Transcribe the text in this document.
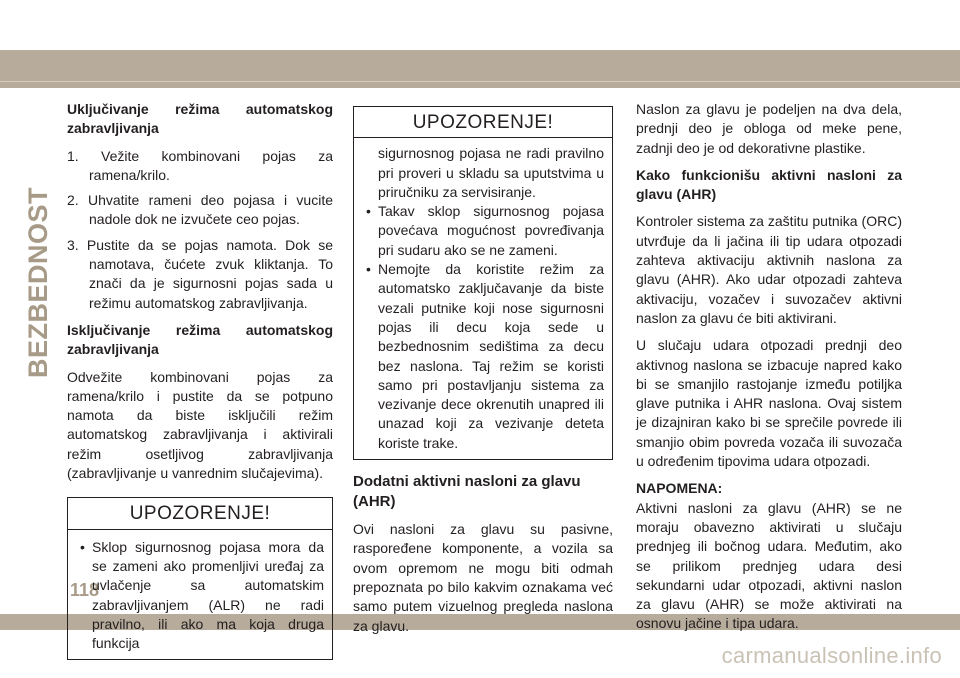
BEZBEDNOST
118
carmanualsonline.info

Uključivanje režima automatskog

zabravljivanja

1. Vežite kombinovani pojas za ramena/krilo.
2. Uhvatite rameni deo pojasa i vucite nadole dok ne izvučete ceo pojas.
3. Pustite da se pojas namota. Dok se namotava, čućete zvuk kliktanja. To znači da je sigurnosni pojas sada u režimu automatskog zabravljivanja.

Isključivanje režima automatskog

zabravljivanja

Odvežite kombinovani pojas za ramena/krilo i pustite da se potpuno namota da biste isključili režim automatskog zabravljivanja i aktivirali režim osetljivog zabravljivanja (zabravljivanje u vanrednim slučajevima).

UPOZORENJE!
• Sklop sigurnosnog pojasa mora da se zameni ako promenljivi uređaj za uvlačenje sa automatskim zabravljivanjem (ALR) ne radi pravilno, ili ako ma koja druga funkcija
UPOZORENJE!
sigurnosnog pojasa ne radi pravilno pri proveri u skladu sa uputstvima u priručniku za servisiranje.
• Takav sklop sigurnosnog pojasa povećava mogućnost povređivanja pri sudaru ako se ne zameni.
• Nemojte da koristite režim za automatsko zaključavanje da biste vezali putnike koji nose sigurnosni pojas ili decu koja sede u bezbednosnim sedištima za decu bez naslona. Taj režim se koristi samo pri postavljanju sistema za vezivanje dece okrenutih unapred ili unazad koji za vezivanje deteta koriste trake.
Dodatni aktivni nasloni za glavu (AHR)

Ovi nasloni za glavu su pasivne, raspoređene komponente, a vozila sa ovom opremom ne mogu biti odmah prepoznata po bilo kakvim oznakama već samo putem vizuelnog pregleda naslona za glavu.

Naslon za glavu je podeljen na dva dela, prednji deo je obloga od meke pene, zadnji deo je od dekorativne plastike.

Kako funkcionišu aktivni nasloni za

glavu (AHR)

Kontroler sistema za zaštitu putnika (ORC) utvrđuje da li jačina ili tip udara otpozadi zahteva aktivaciju aktivnih naslona za glavu (AHR). Ako udar otpozadi zahteva aktivaciju, vozačev i suvozačev aktivni naslon za glavu će biti aktivirani.

U slučaju udara otpozadi prednji deo aktivnog naslona se izbacuje napred kako bi se smanjilo rastojanje između potiljka glave putnika i AHR naslona. Ovaj sistem je dizajniran kako bi se sprečile povrede ili smanjio obim povreda vozača ili suvozača u određenim tipovima udara otpozadi.

NAPOMENA:

Aktivni nasloni za glavu (AHR) se ne moraju obavezno aktivirati u slučaju prednjeg ili bočnog udara. Međutim, ako se prilikom prednjeg udara desi sekundarni udar otpozadi, aktivni naslon za glavu (AHR) se može aktivirati na osnovu jačine i tipa udara.
